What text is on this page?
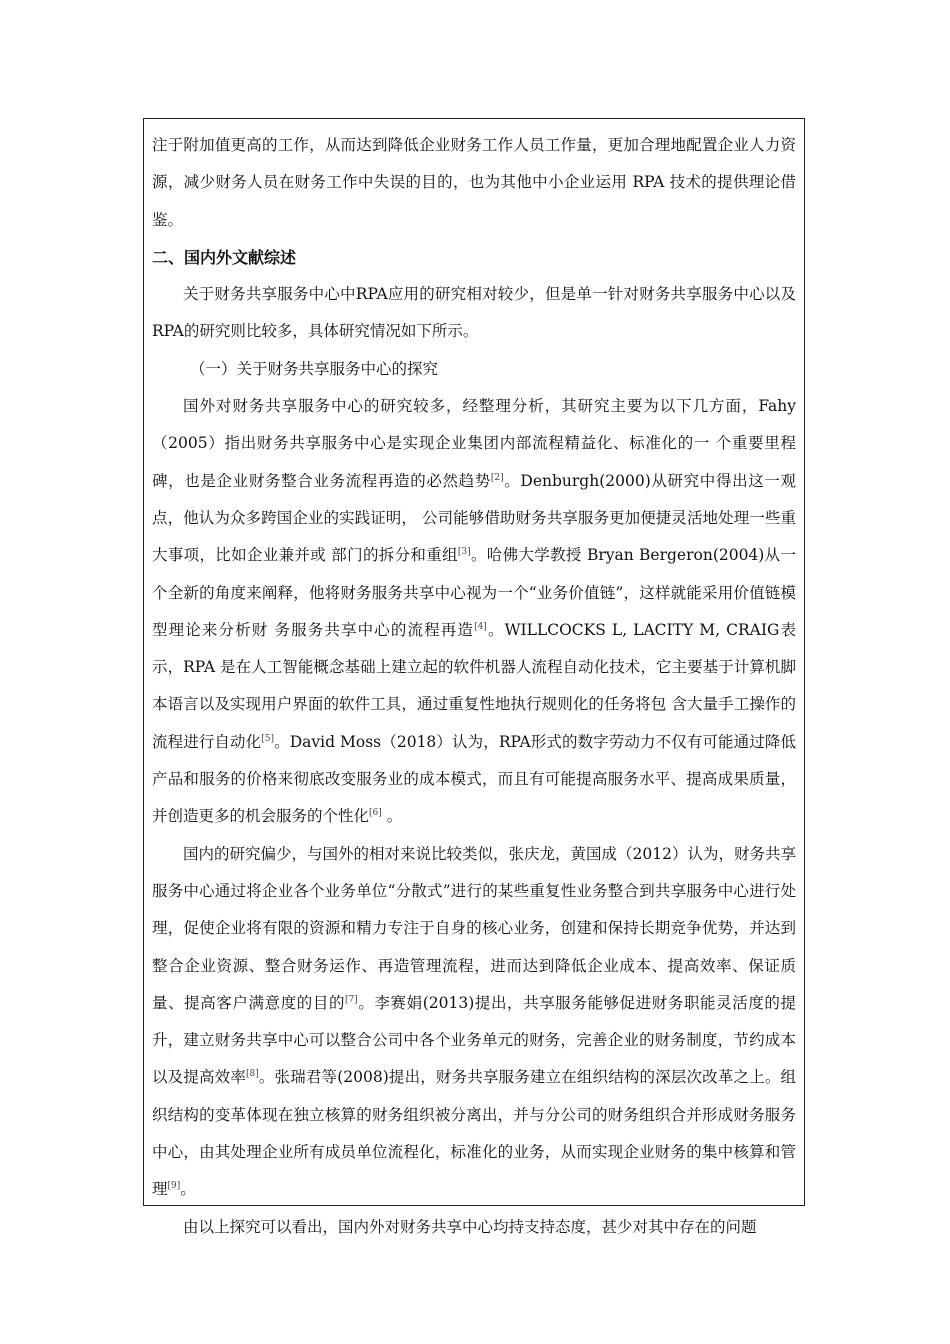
注于附加值更高的工作，从而达到降低企业财务工作人员工作量，更加合理地配置企业人力资源，减少财务人员在财务工作中失误的目的，也为其他中小企业运用 RPA 技术的提供理论借鉴。

二、国内外文献综述

关于财务共享服务中心中RPA应用的研究相对较少，但是单一针对财务共享服务中心以及RPA的研究则比较多，具体研究情况如下所示。

（一）关于财务共享服务中心的探究

国外对财务共享服务中心的研究较多，经整理分析，其研究主要为以下几方面，Fahy（2005）指出财务共享服务中心是实现企业集团内部流程精益化、标准化的一 个重要里程碑，也是企业财务整合业务流程再造的必然趋势[2]。Denburgh(2000)从研究中得出这一观点，他认为众多跨国企业的实践证明， 公司能够借助财务共享服务更加便捷灵活地处理一些重大事项，比如企业兼并或 部门的拆分和重组[3]。哈佛大学教授 Bryan Bergeron(2004)从一个全新的角度来阐释，他将财务服务共享中心视为一个“业务价值链”，这样就能采用价值链模型理论来分析财 务服务共享中心的流程再造[4]。WILLCOCKS L, LACITY M, CRAIG表示，RPA 是在人工智能概念基础上建立起的软件机器人流程自动化技术，它主要基于计算机脚本语言以及实现用户界面的软件工具，通过重复性地执行规则化的任务将包 含大量手工操作的流程进行自动化[5]。David Moss（2018）认为，RPA形式的数字劳动力不仅有可能通过降低产品和服务的价格来彻底改变服务业的成本模式，而且有可能提高服务水平、提高成果质量，并创造更多的机会服务的个性化[6] 。

国内的研究偏少，与国外的相对来说比较类似，张庆龙，黄国成（2012）认为，财务共享服务中心通过将企业各个业务单位“分散式”进行的某些重复性业务整合到共享服务中心进行处理，促使企业将有限的资源和精力专注于自身的核心业务，创建和保持长期竞争优势，并达到整合企业资源、整合财务运作、再造管理流程，进而达到降低企业成本、提高效率、保证质量、提高客户满意度的目的[7]。李赛娟(2013)提出，共享服务能够促进财务职能灵活度的提升，建立财务共享中心可以整合公司中各个业务单元的财务，完善企业的财务制度，节约成本以及提高效率[8]。张瑞君等(2008)提出，财务共享服务建立在组织结构的深层次改革之上。组织结构的变革体现在独立核算的财务组织被分离出，并与分公司的财务组织合并形成财务服务中心，由其处理企业所有成员单位流程化，标准化的业务，从而实现企业财务的集中核算和管理[9]。

由以上探究可以看出，国内外对财务共享中心均持支持态度，甚少对其中存在的问题
